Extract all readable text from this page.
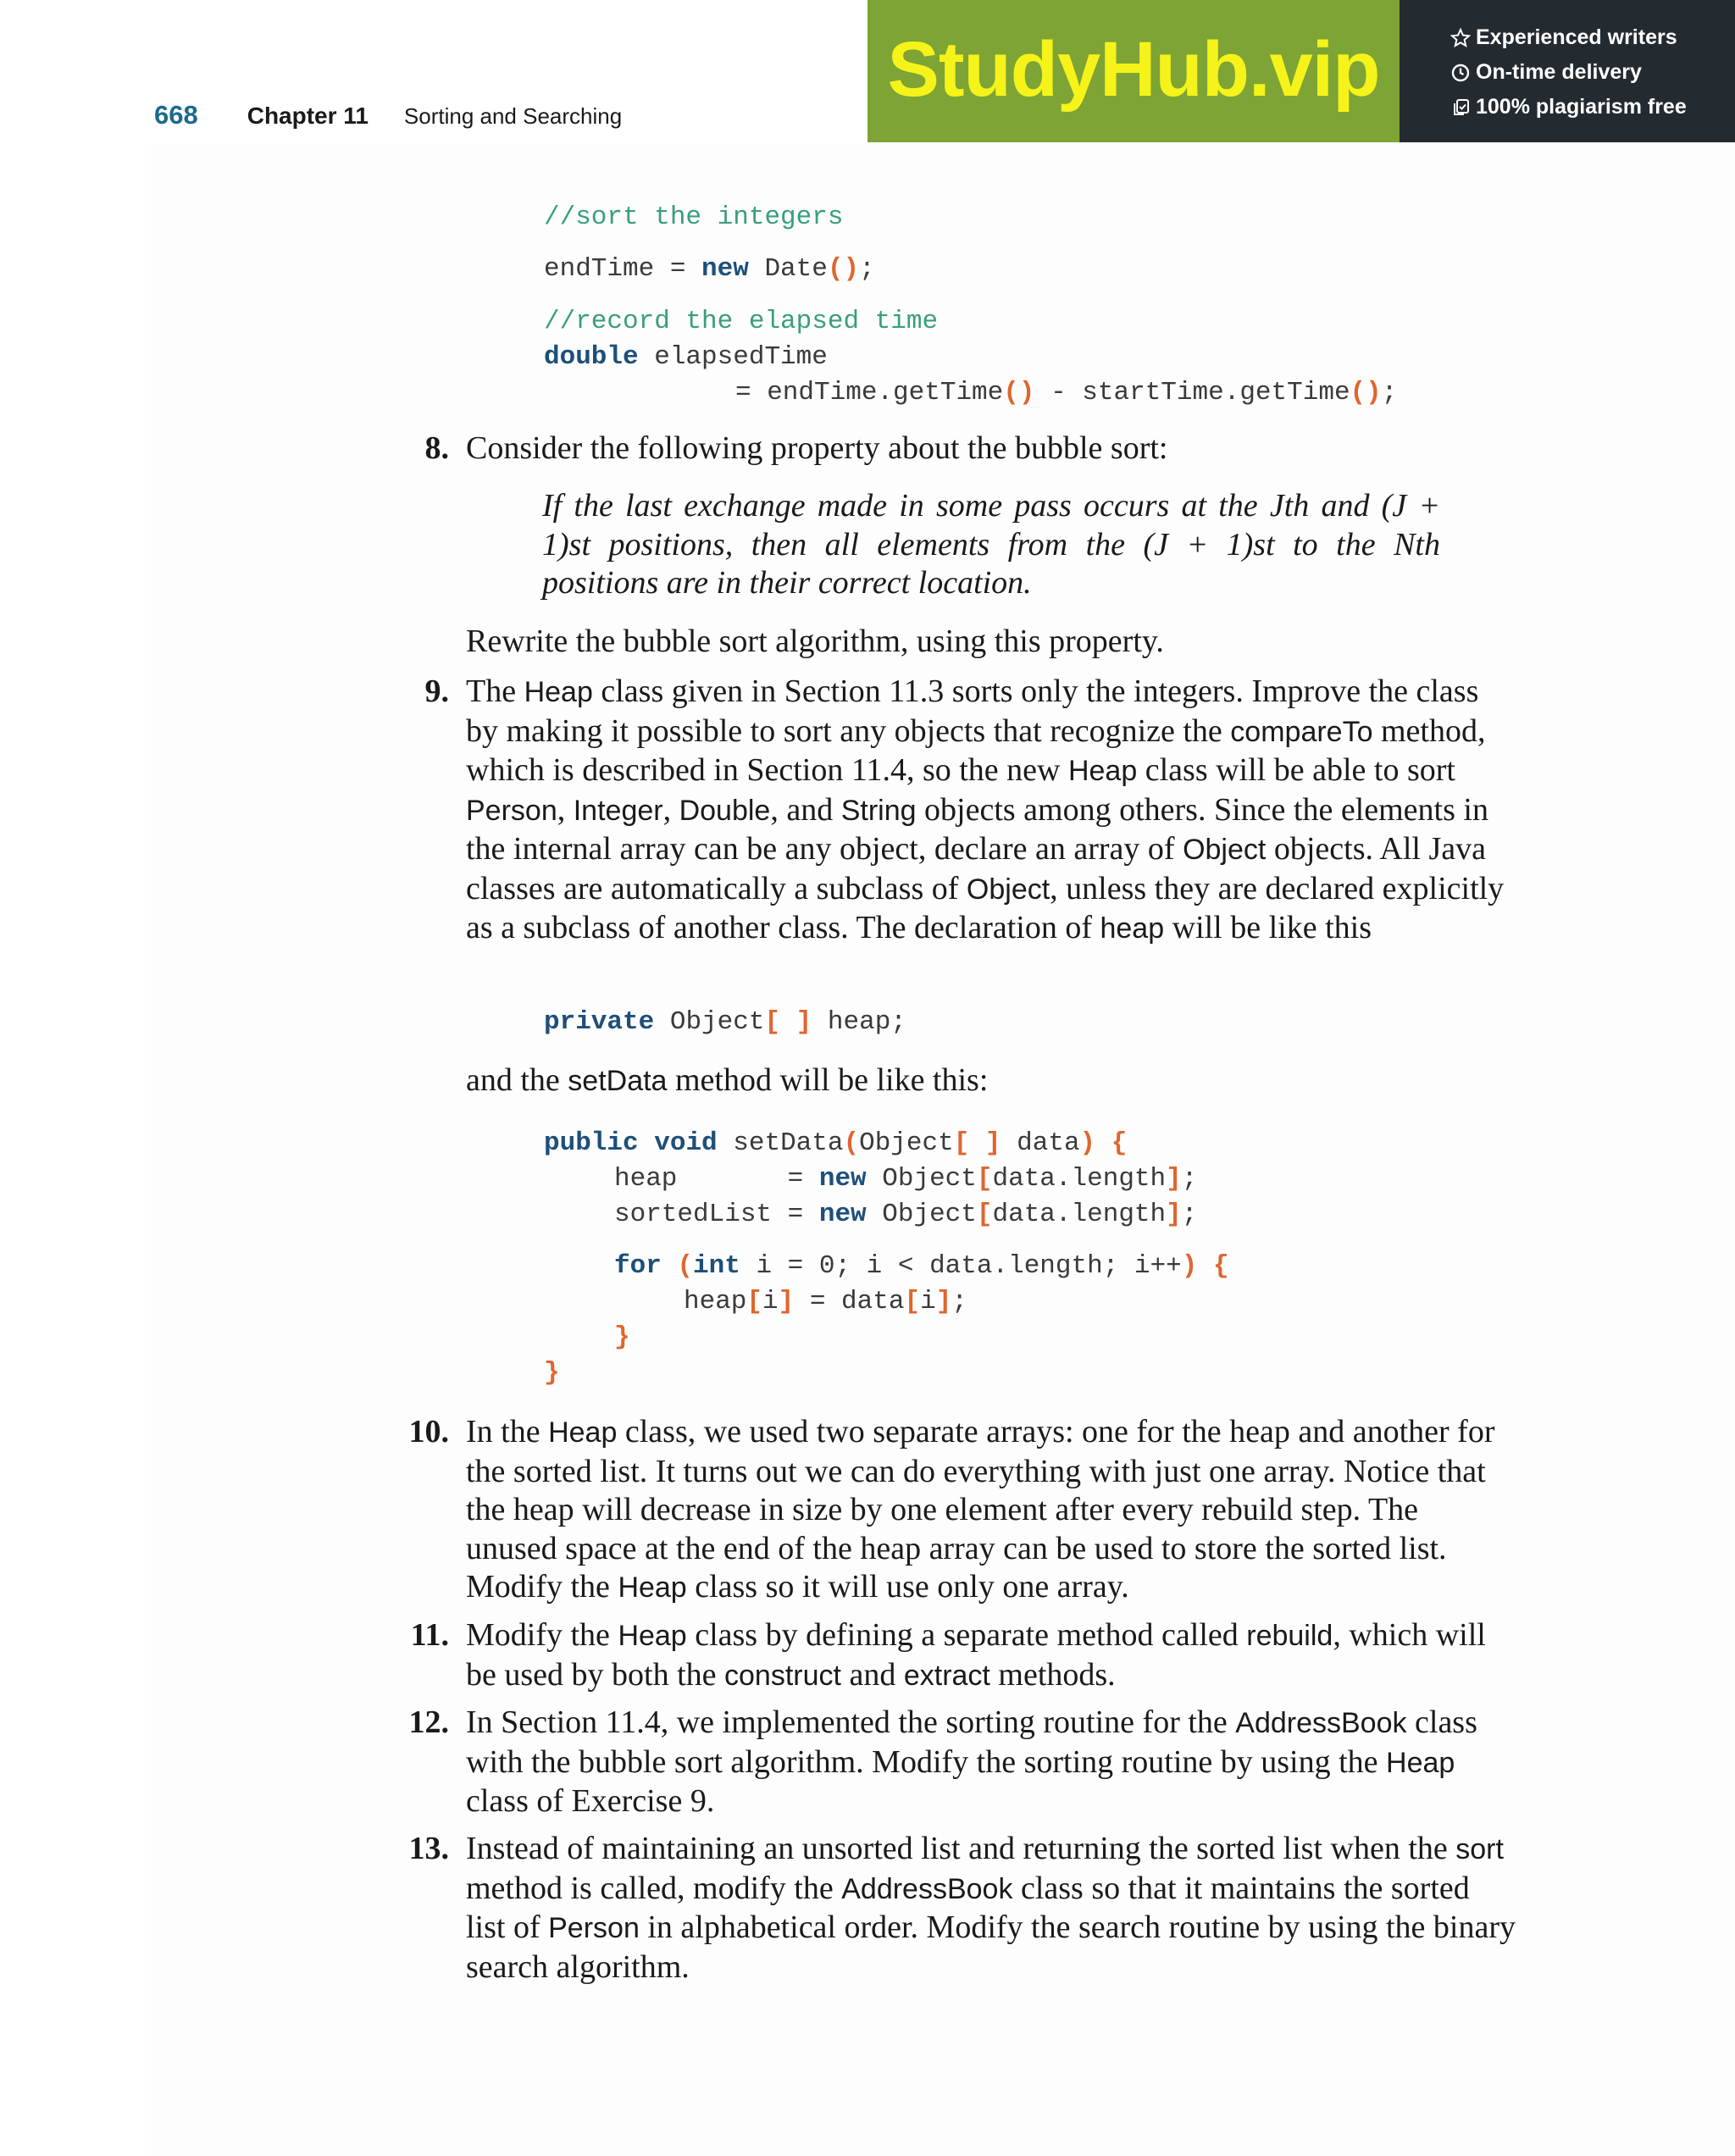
668 Chapter 11 Sorting and Searching
StudyHub.vip	Experienced writers
On-time delivery
100% plagiarism free
//sort the integers
endTime = new Date();
//record the elapsed time
double elapsedTime
= endTime.getTime() - startTime.getTime();
8. Consider the following property about the bubble sort:
If the last exchange made in some pass occurs at the Jth and (J + 1)st positions, then all elements from the (J + 1)st to the Nth positions are in their correct location.
Rewrite the bubble sort algorithm, using this property.
9. The Heap class given in Section 11.3 sorts only the integers. Improve the class by making it possible to sort any objects that recognize the compareTo method, which is described in Section 11.4, so the new Heap class will be able to sort Person, Integer, Double, and String objects among others. Since the elements in the internal array can be any object, declare an array of Object objects. All Java classes are automatically a subclass of Object, unless they are declared explicitly as a subclass of another class. The declaration of heap will be like this
private Object[ ] heap;
and the setData method will be like this:
public void setData(Object[ ] data) {
heap       = new Object[data.length];
sortedList = new Object[data.length];
for (int i = 0; i < data.length; i++) {
heap[i] = data[i];
}
}
10. In the Heap class, we used two separate arrays: one for the heap and another for the sorted list. It turns out we can do everything with just one array. Notice that the heap will decrease in size by one element after every rebuild step. The unused space at the end of the heap array can be used to store the sorted list. Modify the Heap class so it will use only one array.
11. Modify the Heap class by defining a separate method called rebuild, which will be used by both the construct and extract methods.
12. In Section 11.4, we implemented the sorting routine for the AddressBook class with the bubble sort algorithm. Modify the sorting routine by using the Heap class of Exercise 9.
13. Instead of maintaining an unsorted list and returning the sorted list when the sort method is called, modify the AddressBook class so that it maintains the sorted list of Person in alphabetical order. Modify the search routine by using the binary search algorithm.
